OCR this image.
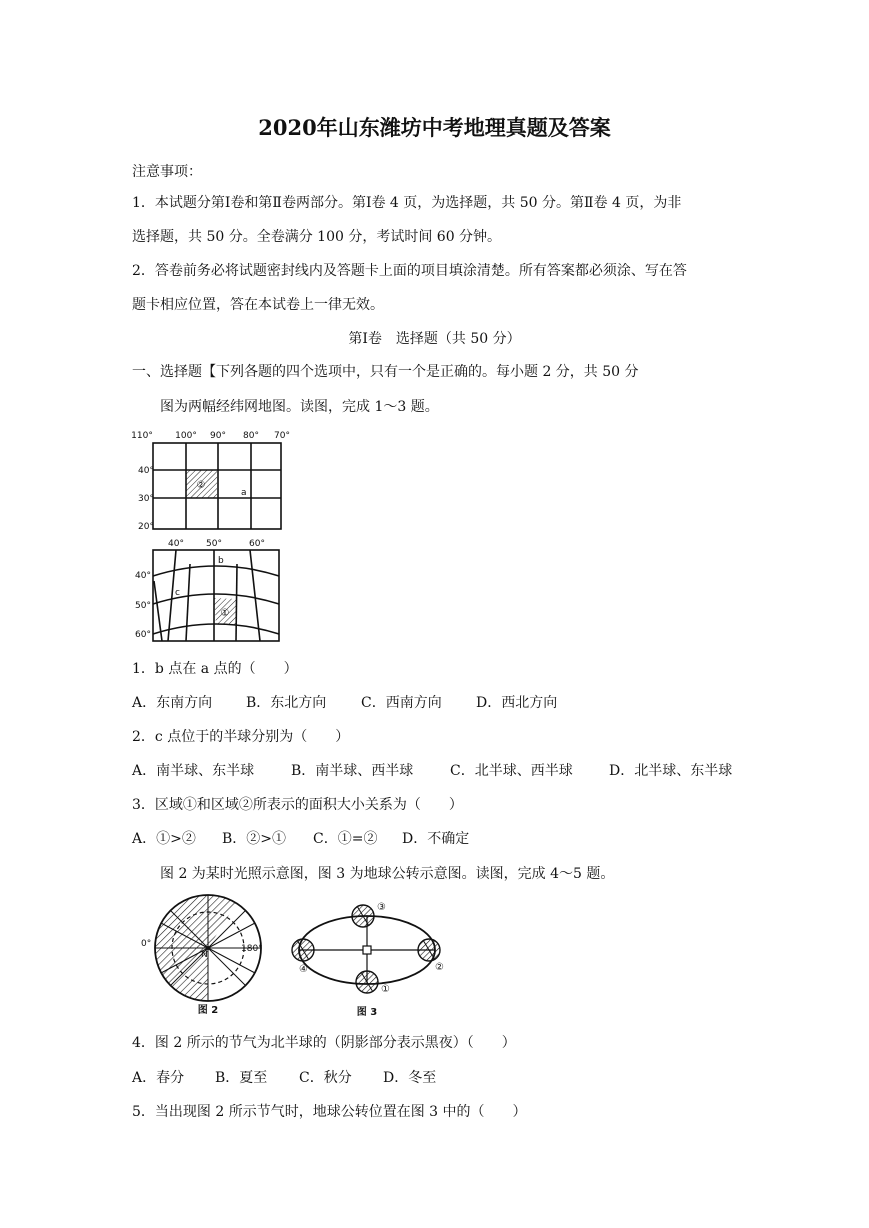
2020年山东潍坊中考地理真题及答案
注意事项：
1．本试题分第Ⅰ卷和第Ⅱ卷两部分。第Ⅰ卷 4 页，为选择题，共 50 分。第Ⅱ卷 4 页，为非
选择题，共 50 分。全卷满分 100 分，考试时间 60 分钟。
2．答卷前务必将试题密封线内及答题卡上面的项目填涂清楚。所有答案都必须涂、写在答
题卡相应位置，答在本试卷上一律无效。
第Ⅰ卷　选择题（共 50 分）
一、选择题【下列各题的四个选项中，只有一个是正确的。每小题 2 分，共 50 分
图为两幅经纬网地图。读图，完成 1～3 题。
110° 100° 90° 80° 70°
40°
30°
20°
②
a
40° 50°	60°
40°
50°
60°
b
c
①
1．b 点在 a 点的（　　）
A．东南方向 B．东北方向 C．西南方向 D．西北方向
2．c 点位于的半球分别为（　　）
A．南半球、东半球	B．南半球、西半球	C．北半球、西半球	D．北半球、东半球
3．区域①和区域②所表示的面积大小关系为（　　）
A．①>② B．②>① C．①=② D．不确定
图 2 为某时光照示意图，图 3 为地球公转示意图。读图，完成 4～5 题。
0°	180°
N
图 2
③
②
①
④
图 3
4．图 2 所示的节气为北半球的（阴影部分表示黑夜）（　　）
A．春分 B．夏至 C．秋分 D．冬至
5．当出现图 2 所示节气时，地球公转位置在图 3 中的（　　）
